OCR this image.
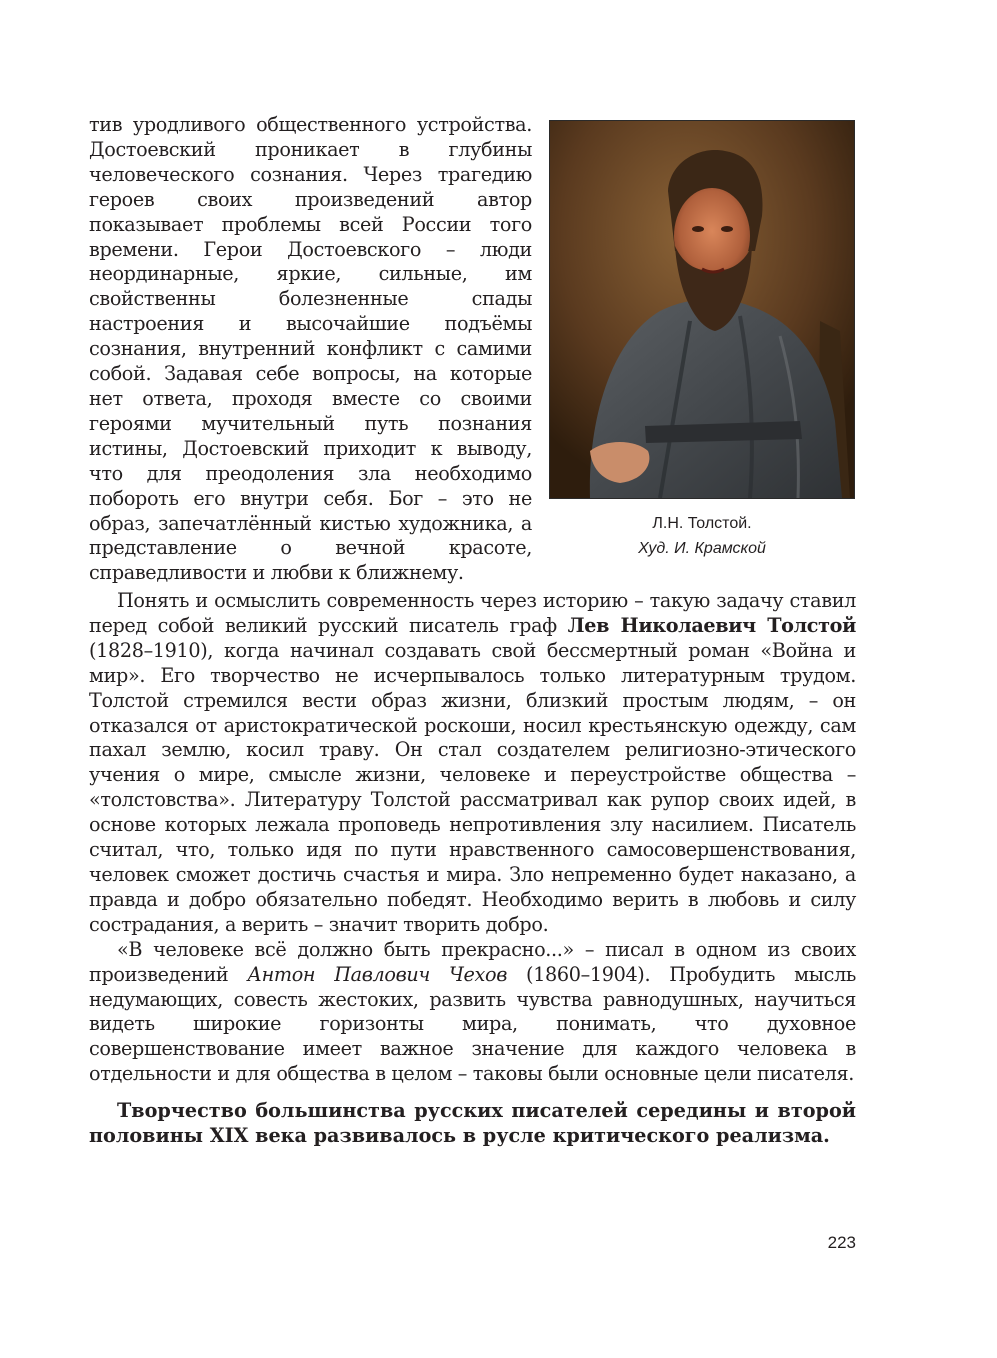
тив уродливого общественного устройства. Достоевский проникает в глубины человеческого сознания. Через трагедию героев своих произведений автор показывает проблемы всей России того времени. Герои Достоевского – люди неординарные, яркие, сильные, им свойственны болезненные спады настроения и высочайшие подъёмы сознания, внутренний конфликт с самими собой. Задавая себе вопросы, на которые нет ответа, проходя вместе со своими героями мучительный путь познания истины, Достоевский приходит к выводу, что для преодоления зла необходимо побороть его внутри себя. Бог – это не образ, запечатлённый кистью художника, а представление о вечной красоте, справедливости и любви к ближнему.

Л.Н. Толстой.
Худ. И. Крамской

Понять и осмыслить современность через историю – такую задачу ставил перед собой великий русский писатель граф Лев Николаевич Толстой (1828–1910), когда начинал создавать свой бессмертный роман «Война и мир». Его творчество не исчерпывалось только литературным трудом. Толстой стремился вести образ жизни, близкий простым людям, – он отказался от аристократической роскоши, носил крестьянскую одежду, сам пахал землю, косил траву. Он стал создателем религиозно-этического учения о мире, смысле жизни, человеке и переустройстве общества – «толстовства». Литературу Толстой рассматривал как рупор своих идей, в основе которых лежала проповедь непротивления злу насилием. Писатель считал, что, только идя по пути нравственного самосовершенствования, человек сможет достичь счастья и мира. Зло непременно будет наказано, а правда и добро обязательно победят. Необходимо верить в любовь и силу сострадания, а верить – значит творить добро.

«В человеке всё должно быть прекрасно...» – писал в одном из своих произведений Антон Павлович Чехов (1860–1904). Пробудить мысль недумающих, совесть жестоких, развить чувства равнодушных, научиться видеть широкие горизонты мира, понимать, что духовное совершенствование имеет важное значение для каждого человека в отдельности и для общества в целом – таковы были основные цели писателя.

Творчество большинства русских писателей середины и второй половины XIX века развивалось в русле критического реализма.

223
